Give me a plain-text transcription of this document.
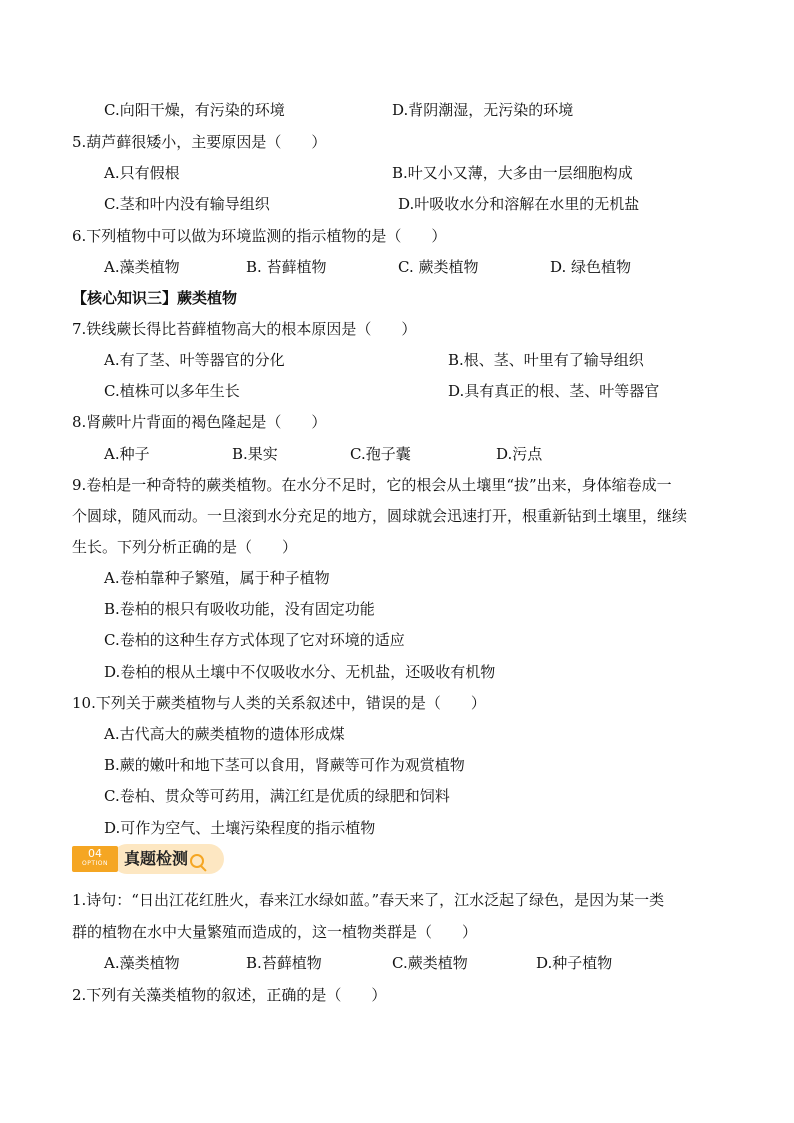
C.向阳干燥，有污染的环境	D.背阴潮湿，无污染的环境
5.葫芦藓很矮小，主要原因是（　　）
A.只有假根	B.叶又小又薄，大多由一层细胞构成
C.茎和叶内没有输导组织	D.叶吸收水分和溶解在水里的无机盐
6.下列植物中可以做为环境监测的指示植物的是（　　）
A.藻类植物	B. 苔藓植物	C. 蕨类植物	D. 绿色植物
【核心知识三】蕨类植物
7.铁线蕨长得比苔藓植物高大的根本原因是（　　）
A.有了茎、叶等器官的分化	B.根、茎、叶里有了输导组织
C.植株可以多年生长	D.具有真正的根、茎、叶等器官
8.肾蕨叶片背面的褐色隆起是（　　）
A.种子	B.果实	C.孢子囊	D.污点
9.卷柏是一种奇特的蕨类植物。在水分不足时，它的根会从土壤里“拔”出来，身体缩卷成一
个圆球，随风而动。一旦滚到水分充足的地方，圆球就会迅速打开，根重新钻到土壤里，继续
生长。下列分析正确的是（　　）
A.卷柏靠种子繁殖，属于种子植物
B.卷柏的根只有吸收功能，没有固定功能
C.卷柏的这种生存方式体现了它对环境的适应
D.卷柏的根从土壤中不仅吸收水分、无机盐，还吸收有机物
10.下列关于蕨类植物与人类的关系叙述中，错误的是（　　）
A.古代高大的蕨类植物的遗体形成煤
B.蕨的嫩叶和地下茎可以食用，肾蕨等可作为观赏植物
C.卷柏、贯众等可药用，满江红是优质的绿肥和饲料
D.可作为空气、土壤污染程度的指示植物
04
OPTION	真题检测
1.诗句：“日出江花红胜火，春来江水绿如蓝。”春天来了，江水泛起了绿色，是因为某一类
群的植物在水中大量繁殖而造成的，这一植物类群是（　　）
A.藻类植物	B.苔藓植物	C.蕨类植物	D.种子植物
2.下列有关藻类植物的叙述，正确的是（　　）
